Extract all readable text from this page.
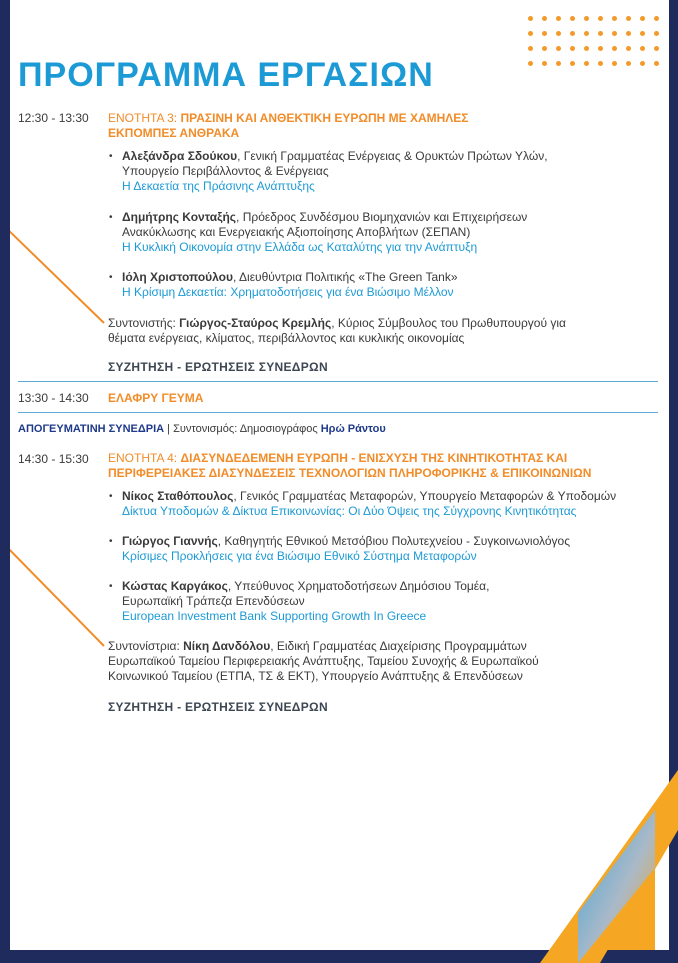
ΠΡΟΓΡΑΜΜΑ ΕΡΓΑΣΙΩΝ
12:30 - 13:30 ΕΝΟΤΗΤΑ 3: ΠΡΑΣΙΝΗ ΚΑΙ ΑΝΘΕΚΤΙΚΗ ΕΥΡΩΠΗ ΜΕ ΧΑΜΗΛΕΣ
ΕΚΠΟΜΠΕΣ ΑΝΘΡΑΚΑ
• Αλεξάνδρα Σδούκου, Γενική Γραμματέας Ενέργειας & Ορυκτών Πρώτων Υλών,
Υπουργείο Περιβάλλοντος & Ενέργειας
Η Δεκαετία της Πράσινης Ανάπτυξης
• Δημήτρης Κονταξής, Πρόεδρος Συνδέσμου Βιομηχανιών και Επιχειρήσεων
Ανακύκλωσης και Ενεργειακής Αξιοποίησης Αποβλήτων (ΣΕΠΑΝ)
Η Κυκλική Οικονομία στην Ελλάδα ως Καταλύτης για την Ανάπτυξη
• Ιόλη Χριστοπούλου, Διευθύντρια Πολιτικής «The Green Tank»
Η Κρίσιμη Δεκαετία: Χρηματοδοτήσεις για ένα Βιώσιμο Μέλλον
Συντονιστής: Γιώργος-Σταύρος Κρεμλής, Κύριος Σύμβουλος του Πρωθυπουργού για
θέματα ενέργειας, κλίματος, περιβάλλοντος και κυκλικής οικονομίας
ΣΥΖΗΤΗΣΗ - ΕΡΩΤΗΣΕΙΣ ΣΥΝΕΔΡΩΝ
13:30 - 14:30 ΕΛΑΦΡΥ ΓΕΥΜΑ
ΑΠΟΓΕΥΜΑΤΙΝΗ ΣΥΝΕΔΡΙΑ | Συντονισμός: Δημοσιογράφος Ηρώ Ράντου
14:30 - 15:30 ΕΝΟΤΗΤΑ 4: ΔΙΑΣΥΝΔΕΔΕΜΕΝΗ ΕΥΡΩΠΗ - ΕΝΙΣΧΥΣΗ ΤΗΣ ΚΙΝΗΤΙΚΟΤΗΤΑΣ ΚΑΙ
ΠΕΡΙΦΕΡΕΙΑΚΕΣ ΔΙΑΣΥΝΔΕΣΕΙΣ ΤΕΧΝΟΛΟΓΙΩΝ ΠΛΗΡΟΦΟΡΙΚΗΣ & ΕΠΙΚΟΙΝΩΝΙΩΝ
• Νίκος Σταθόπουλος, Γενικός Γραμματέας Μεταφορών, Υπουργείο Μεταφορών & Υποδομών
Δίκτυα Υποδομών & Δίκτυα Επικοινωνίας: Οι Δύο Όψεις της Σύγχρονης Κινητικότητας
• Γιώργος Γιαννής, Καθηγητής Εθνικού Μετσόβιου Πολυτεχνείου - Συγκοινωνιολόγος
Κρίσιμες Προκλήσεις για ένα Βιώσιμο Εθνικό Σύστημα Μεταφορών
• Κώστας Καργάκος, Υπεύθυνος Χρηματοδοτήσεων Δημόσιου Τομέα,
Ευρωπαϊκή Τράπεζα Επενδύσεων
European Investment Bank Supporting Growth In Greece
Συντονίστρια: Νίκη Δανδόλου, Ειδική Γραμματέας Διαχείρισης Προγραμμάτων
Ευρωπαϊκού Ταμείου Περιφερειακής Ανάπτυξης, Ταμείου Συνοχής & Ευρωπαϊκού
Κοινωνικού Ταμείου (ΕΤΠΑ, ΤΣ & ΕΚΤ), Υπουργείο Ανάπτυξης & Επενδύσεων
ΣΥΖΗΤΗΣΗ - ΕΡΩΤΗΣΕΙΣ ΣΥΝΕΔΡΩΝ
